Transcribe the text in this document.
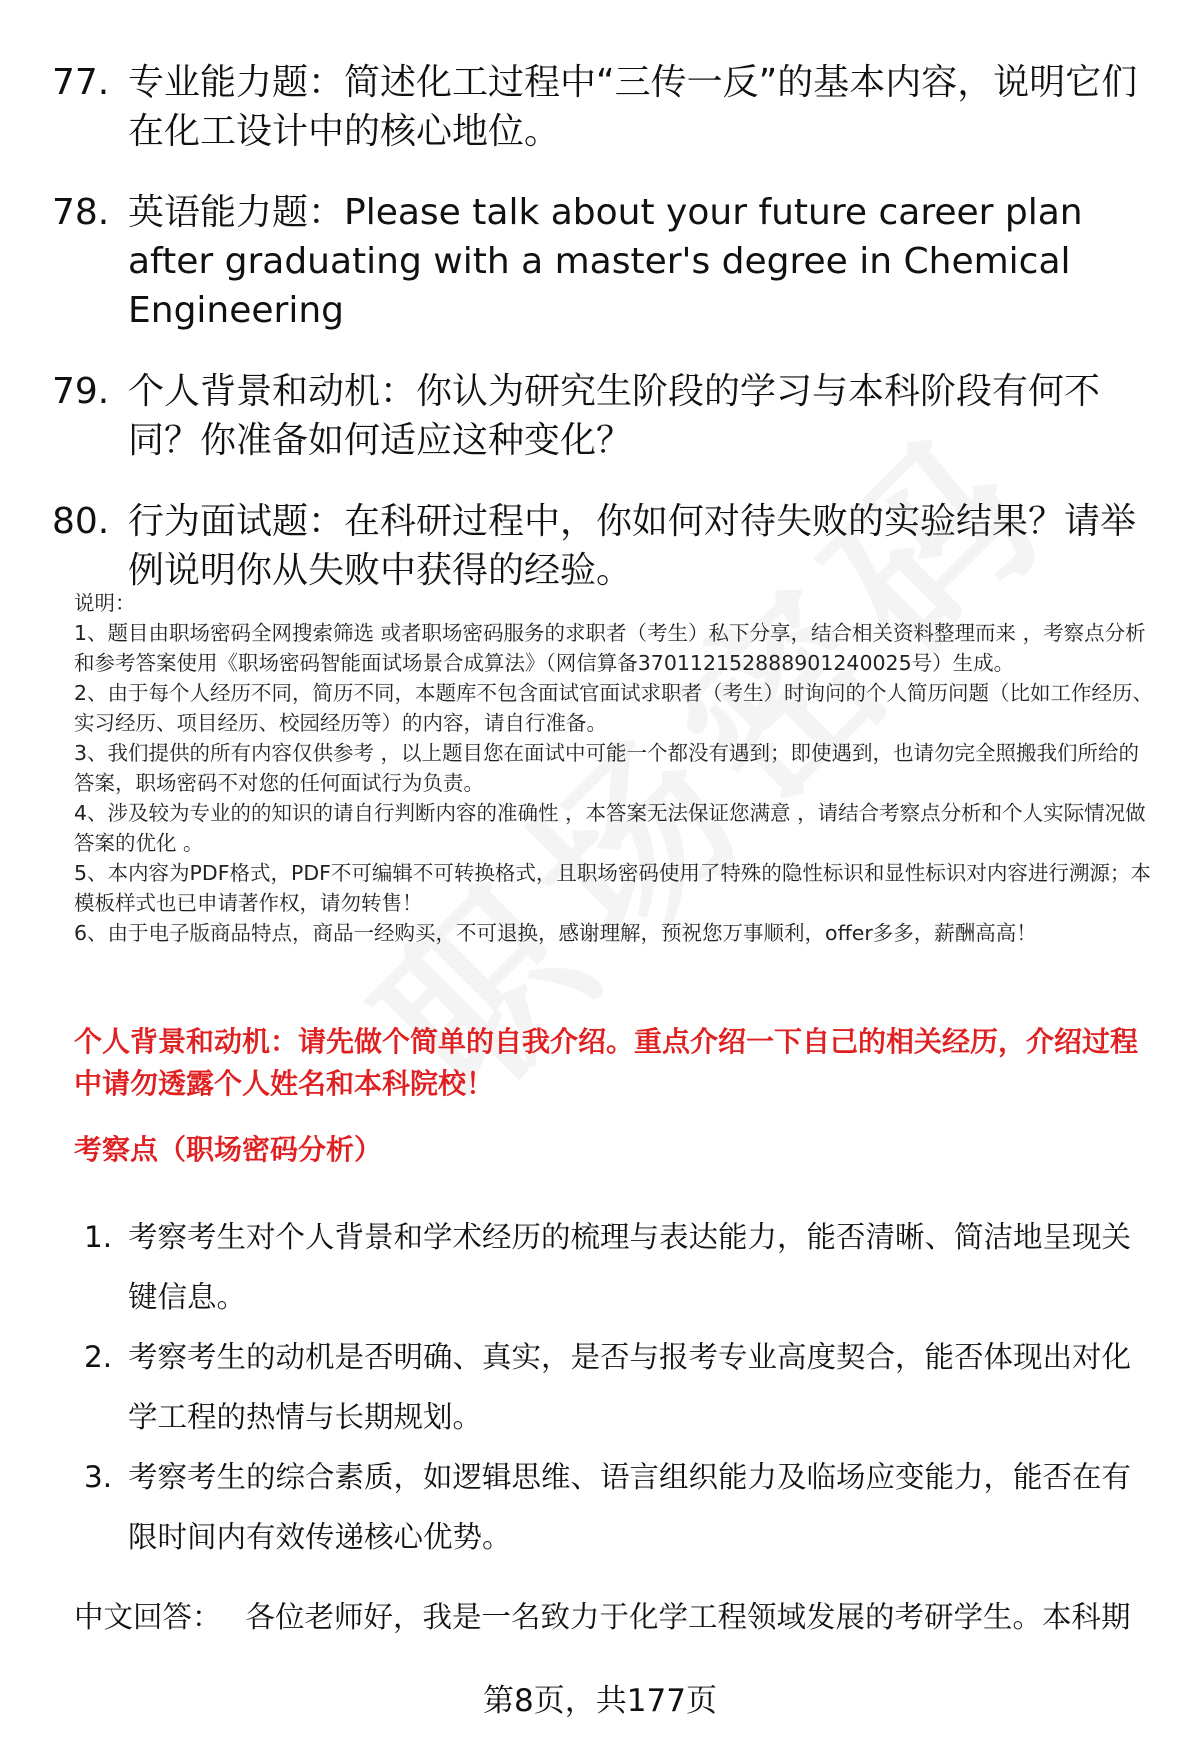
77. 专业能力题：简述化工过程中“三传一反”的基本内容，说明它们在化工设计中的核心地位。
78. 英语能力题：Please talk about your future career plan after graduating with a master's degree in Chemical Engineering
79. 个人背景和动机：你认为研究生阶段的学习与本科阶段有何不同？你准备如何适应这种变化？
80. 行为面试题：在科研过程中，你如何对待失败的实验结果？请举例说明你从失败中获得的经验。

说明：

1、题目由职场密码全网搜索筛选 或者职场密码服务的求职者（考生）私下分享，结合相关资料整理而来 ，考察点分析和参考答案使用《职场密码智能面试场景合成算法》（网信算备370112152888901240025号）生成。

2、由于每个人经历不同，简历不同，本题库不包含面试官面试求职者（考生）时询问的个人简历问题（比如工作经历、实习经历、项目经历、校园经历等）的内容，请自行准备。

3、我们提供的所有内容仅供参考 ，以上题目您在面试中可能一个都没有遇到；即使遇到，也请勿完全照搬我们所给的答案，职场密码不对您的任何面试行为负责。

4、涉及较为专业的的知识的请自行判断内容的准确性 ，本答案无法保证您满意 ，请结合考察点分析和个人实际情况做答案的优化 。

5、本内容为PDF格式，PDF不可编辑不可转换格式，且职场密码使用了特殊的隐性标识和显性标识对内容进行溯源；本模板样式也已申请著作权，请勿转售！

6、由于电子版商品特点，商品一经购买，不可退换，感谢理解，预祝您万事顺利，offer多多，薪酬高高！

个人背景和动机：请先做个简单的自我介绍。重点介绍一下自己的相关经历，介绍过程中请勿透露个人姓名和本科院校！
考察点（职场密码分析）
1. 考察考生对个人背景和学术经历的梳理与表达能力，能否清晰、简洁地呈现关键信息。
2. 考察考生的动机是否明确、真实，是否与报考专业高度契合，能否体现出对化学工程的热情与长期规划。
3. 考察考生的综合素质，如逻辑思维、语言组织能力及临场应变能力，能否在有限时间内有效传递核心优势。
中文回答： 各位老师好，我是一名致力于化学工程领域发展的考研学生。本科期
第8页，共177页
